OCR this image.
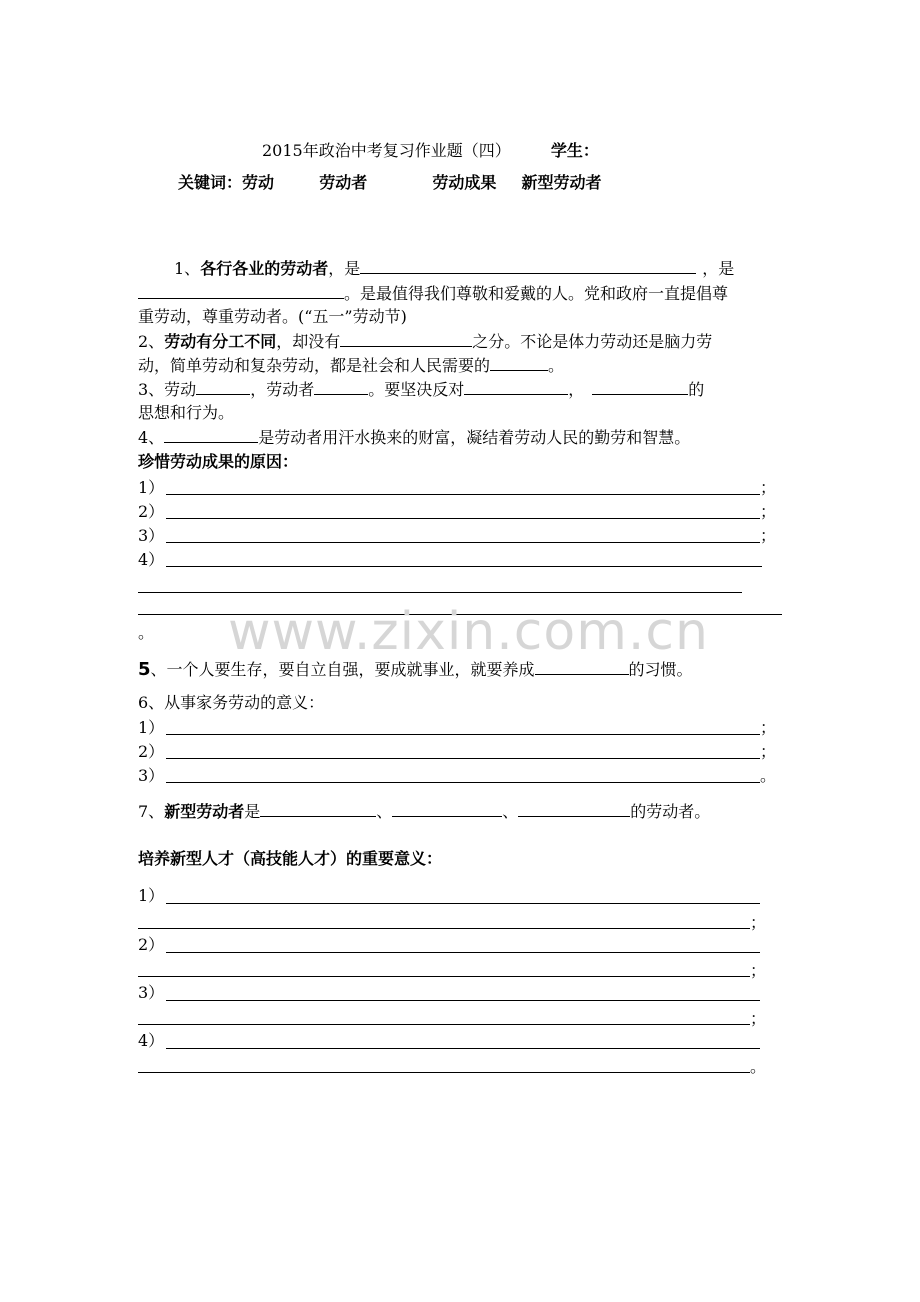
2015年政治中考复习作业题（四）	学生：
关键词：劳动	劳动者	劳动成果 新型劳动者
1、各行各业的劳动者，是	，是
。是最值得我们尊敬和爱戴的人。党和政府一直提倡尊
重劳动，尊重劳动者。(“五一”劳动节)
2、劳动有分工不同，却没有	之分。不论是体力劳动还是脑力劳
动，简单劳动和复杂劳动，都是社会和人民需要的	。
3、劳动	，劳动者	。要坚决反对	，	的
思想和行为。
4、	是劳动者用汗水换来的财富，凝结着劳动人民的勤劳和智慧。
珍惜劳动成果的原因：
1）	；
2）	；
3）	；
4）
。 www.zixin.com.cn
5、一个人要生存，要自立自强，要成就事业，就要养成	的习惯。
6、从事家务劳动的意义：
1）	；
2）	；
3）	。
7、新型劳动者是	、	、	的劳动者。
培养新型人才（高技能人才）的重要意义：
1）
；
2）
；
3）
；
4）
。
